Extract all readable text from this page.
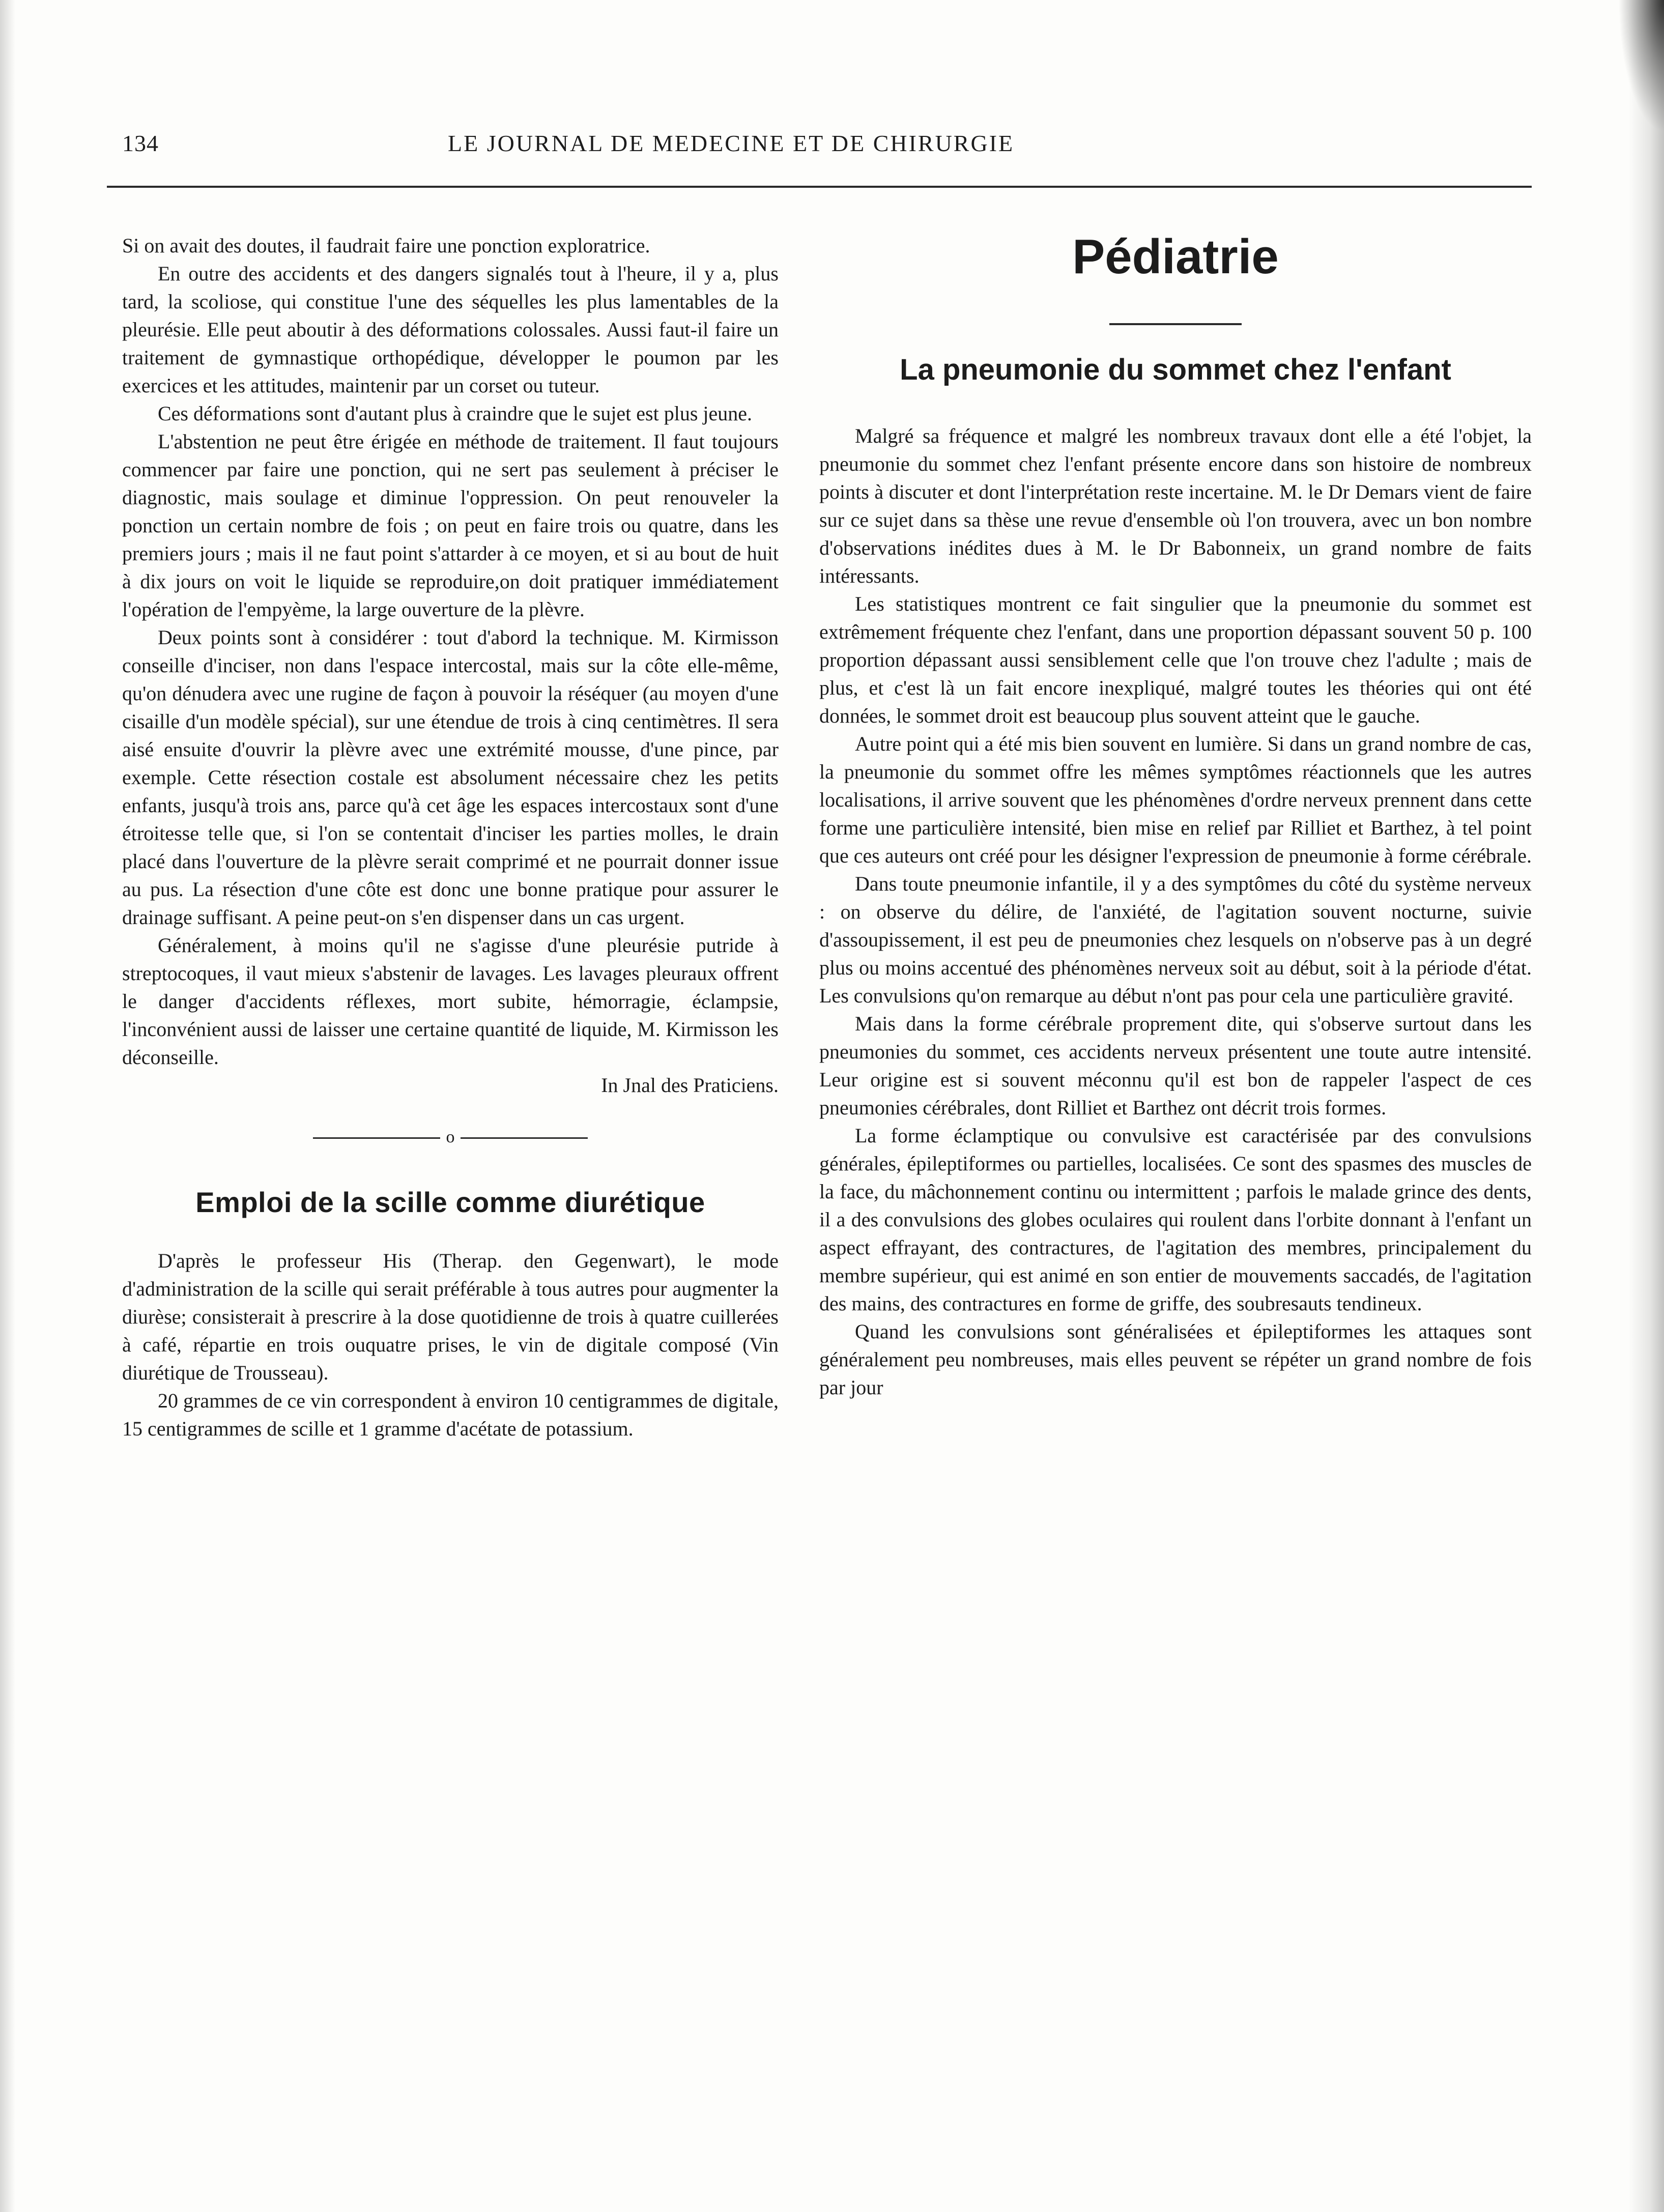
134	LE JOURNAL DE MEDECINE ET DE CHIRURGIE

Si on avait des doutes, il faudrait faire une ponction exploratrice.

En outre des accidents et des dangers signalés tout à l'heure, il y a, plus tard, la scoliose, qui constitue l'une des séquelles les plus lamentables de la pleurésie. Elle peut aboutir à des déformations colossales. Aussi faut-il faire un traitement de gymnastique orthopédique, développer le poumon par les exercices et les attitudes, maintenir par un corset ou tuteur.

Ces déformations sont d'autant plus à craindre que le sujet est plus jeune.

L'abstention ne peut être érigée en méthode de traitement. Il faut toujours commencer par faire une ponction, qui ne sert pas seulement à préciser le diagnostic, mais soulage et diminue l'oppression. On peut renouveler la ponction un certain nombre de fois ; on peut en faire trois ou quatre, dans les premiers jours ; mais il ne faut point s'attarder à ce moyen, et si au bout de huit à dix jours on voit le liquide se reproduire,on doit pratiquer immédiatement l'opération de l'empyème, la large ouverture de la plèvre.

Deux points sont à considérer : tout d'abord la technique. M. Kirmisson conseille d'inciser, non dans l'espace intercostal, mais sur la côte elle-même, qu'on dénudera avec une rugine de façon à pouvoir la réséquer (au moyen d'une cisaille d'un modèle spécial), sur une étendue de trois à cinq centimètres. Il sera aisé ensuite d'ouvrir la plèvre avec une extrémité mousse, d'une pince, par exemple. Cette résection costale est absolument nécessaire chez les petits enfants, jusqu'à trois ans, parce qu'à cet âge les espaces intercostaux sont d'une étroitesse telle que, si l'on se contentait d'inciser les parties molles, le drain placé dans l'ouverture de la plèvre serait comprimé et ne pourrait donner issue au pus. La résection d'une côte est donc une bonne pratique pour assurer le drainage suffisant. A peine peut-on s'en dispenser dans un cas urgent.

Généralement, à moins qu'il ne s'agisse d'une pleurésie putride à streptocoques, il vaut mieux s'abstenir de lavages. Les lavages pleuraux offrent le danger d'accidents réflexes, mort subite, hémorragie, éclampsie, l'inconvénient aussi de laisser une certaine quantité de liquide, M. Kirmisson les déconseille.

In Jnal des Praticiens.

o
Emploi de la scille comme diurétique

D'après le professeur His (Therap. den Gegenwart), le mode d'administration de la scille qui serait préférable à tous autres pour augmenter la diurèse; consisterait à prescrire à la dose quotidienne de trois à quatre cuillerées à café, répartie en trois ouquatre prises, le vin de digitale composé (Vin diurétique de Trousseau).

20 grammes de ce vin correspondent à environ 10 centigrammes de digitale, 15 centigrammes de scille et 1 gramme d'acétate de potassium.

Pédiatrie
La pneumonie du sommet chez l'enfant

Malgré sa fréquence et malgré les nombreux travaux dont elle a été l'objet, la pneumonie du sommet chez l'enfant présente encore dans son histoire de nombreux points à discuter et dont l'interprétation reste incertaine. M. le Dr Demars vient de faire sur ce sujet dans sa thèse une revue d'ensemble où l'on trouvera, avec un bon nombre d'observations inédites dues à M. le Dr Babonneix, un grand nombre de faits intéressants.

Les statistiques montrent ce fait singulier que la pneumonie du sommet est extrêmement fréquente chez l'enfant, dans une proportion dépassant souvent 50 p. 100 proportion dépassant aussi sensiblement celle que l'on trouve chez l'adulte ; mais de plus, et c'est là un fait encore inexpliqué, malgré toutes les théories qui ont été données, le sommet droit est beaucoup plus souvent atteint que le gauche.

Autre point qui a été mis bien souvent en lumière. Si dans un grand nombre de cas, la pneumonie du sommet offre les mêmes symptômes réactionnels que les autres localisations, il arrive souvent que les phénomènes d'ordre nerveux prennent dans cette forme une particulière intensité, bien mise en relief par Rilliet et Barthez, à tel point que ces auteurs ont créé pour les désigner l'expression de pneumonie à forme cérébrale.

Dans toute pneumonie infantile, il y a des symptômes du côté du système nerveux : on observe du délire, de l'anxiété, de l'agitation souvent nocturne, suivie d'assoupissement, il est peu de pneumonies chez lesquels on n'observe pas à un degré plus ou moins accentué des phénomènes nerveux soit au début, soit à la période d'état. Les convulsions qu'on remarque au début n'ont pas pour cela une particulière gravité.

Mais dans la forme cérébrale proprement dite, qui s'observe surtout dans les pneumonies du sommet, ces accidents nerveux présentent une toute autre intensité. Leur origine est si souvent méconnu qu'il est bon de rappeler l'aspect de ces pneumonies cérébrales, dont Rilliet et Barthez ont décrit trois formes.

La forme éclamptique ou convulsive est caractérisée par des convulsions générales, épileptiformes ou partielles, localisées. Ce sont des spasmes des muscles de la face, du mâchonnement continu ou intermittent ; parfois le malade grince des dents, il a des convulsions des globes oculaires qui roulent dans l'orbite donnant à l'enfant un aspect effrayant, des contractures, de l'agitation des membres, principalement du membre supérieur, qui est animé en son entier de mouvements saccadés, de l'agitation des mains, des contractures en forme de griffe, des soubresauts tendineux.

Quand les convulsions sont généralisées et épileptiformes les attaques sont généralement peu nombreuses, mais elles peuvent se répéter un grand nombre de fois par jour
